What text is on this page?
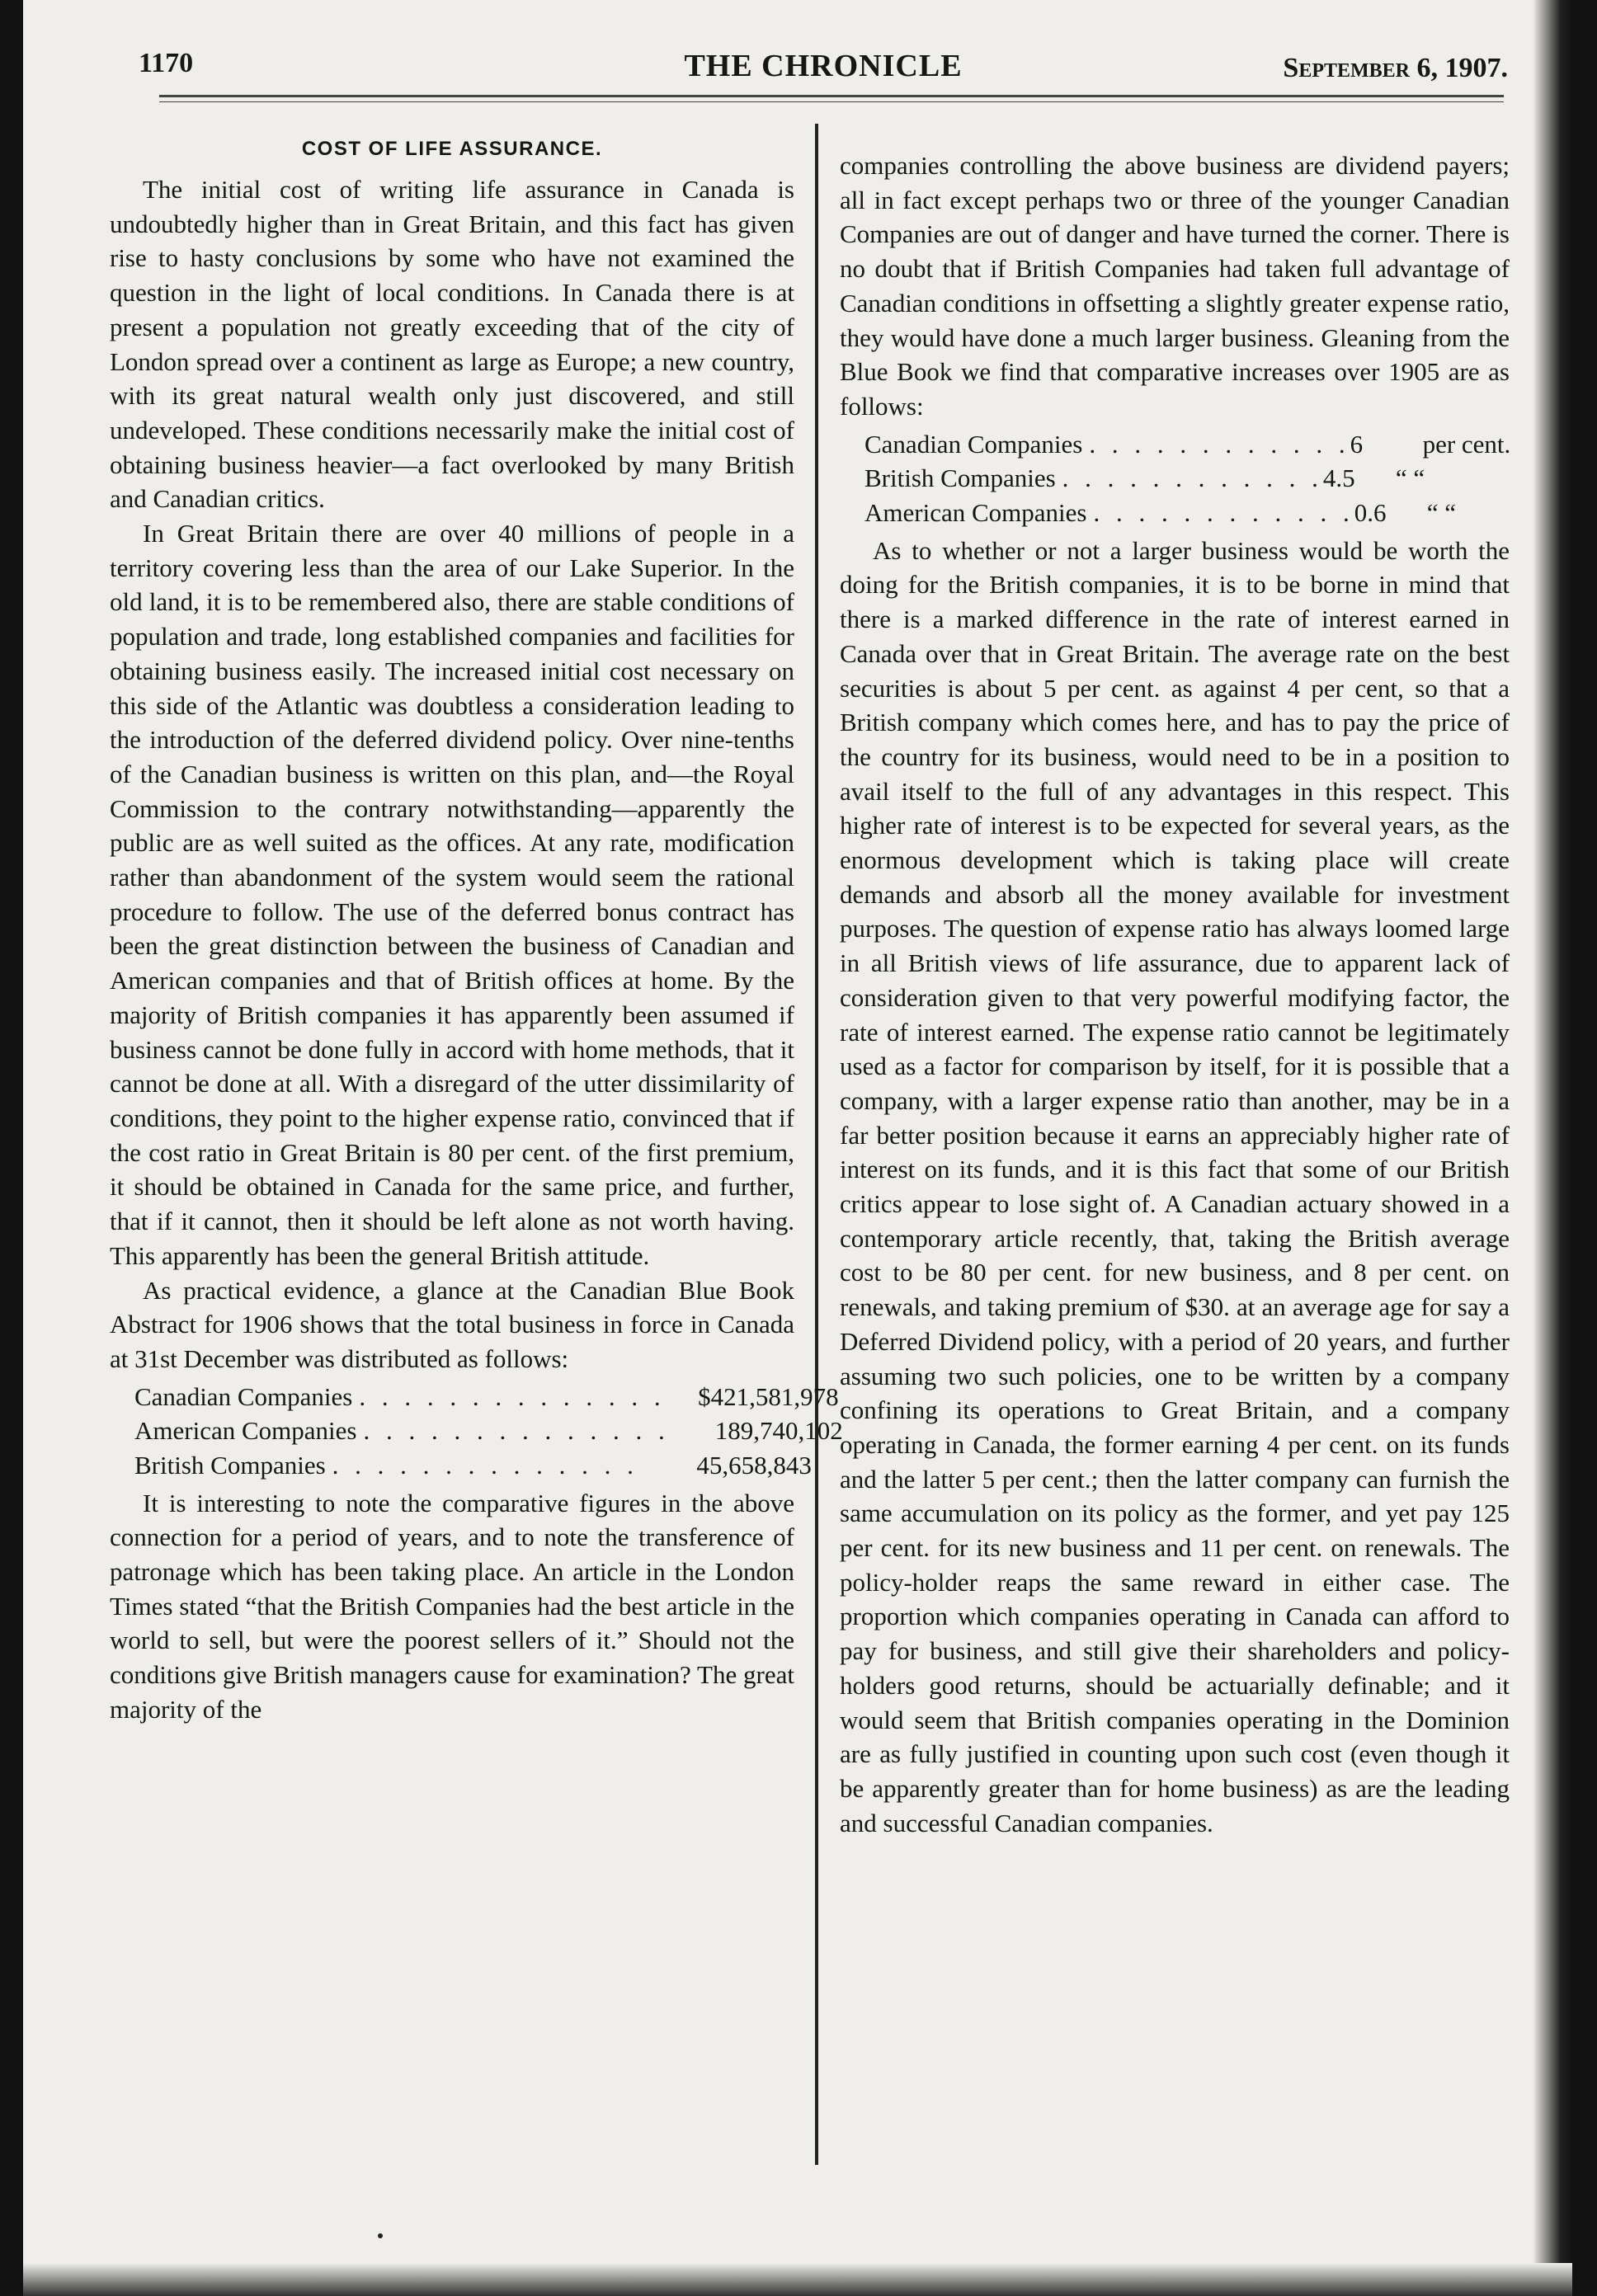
1170	THE CHRONICLE	September 6, 1907.
COST OF LIFE ASSURANCE.

The initial cost of writing life assurance in Canada is undoubtedly higher than in Great Britain, and this fact has given rise to hasty conclusions by some who have not examined the question in the light of local conditions. In Canada there is at present a population not greatly exceeding that of the city of London spread over a continent as large as Europe; a new country, with its great natural wealth only just discovered, and still undeveloped. These conditions necessarily make the initial cost of obtaining business heavier—a fact overlooked by many British and Canadian critics.

In Great Britain there are over 40 millions of people in a territory covering less than the area of our Lake Superior. In the old land, it is to be remembered also, there are stable conditions of population and trade, long established companies and facilities for obtaining business easily. The increased initial cost necessary on this side of the Atlantic was doubtless a consideration leading to the introduction of the deferred dividend policy. Over nine-tenths of the Canadian business is written on this plan, and—the Royal Commission to the contrary notwithstanding—apparently the public are as well suited as the offices. At any rate, modification rather than abandonment of the system would seem the rational procedure to follow. The use of the deferred bonus contract has been the great distinction between the business of Canadian and American companies and that of British offices at home. By the majority of British companies it has apparently been assumed if business cannot be done fully in accord with home methods, that it cannot be done at all. With a disregard of the utter dissimilarity of conditions, they point to the higher expense ratio, convinced that if the cost ratio in Great Britain is 80 per cent. of the first premium, it should be obtained in Canada for the same price, and further, that if it cannot, then it should be left alone as not worth having. This apparently has been the general British attitude.

As practical evidence, a glance at the Canadian Blue Book Abstract for 1906 shows that the total business in force in Canada at 31st December was distributed as follows:

Canadian Companies . . . . . . . . . . . . . .	$421,581,978
American Companies . . . . . . . . . . . . . .	189,740,102
British Companies . . . . . . . . . . . . . .	45,658,843

It is interesting to note the comparative figures in the above connection for a period of years, and to note the transference of patronage which has been taking place. An article in the London Times stated “that the British Companies had the best article in the world to sell, but were the poorest sellers of it.” Should not the conditions give British managers cause for examination? The great majority of the

companies controlling the above business are dividend payers; all in fact except perhaps two or three of the younger Canadian Companies are out of danger and have turned the corner. There is no doubt that if British Companies had taken full advantage of Canadian conditions in offsetting a slightly greater expense ratio, they would have done a much larger business. Gleaning from the Blue Book we find that comparative increases over 1905 are as follows:

Canadian Companies . . . . . . . . . . . . 6	per cent.
British Companies . . . . . . . . . . . . 4.5	“ “
American Companies . . . . . . . . . . . . 0.6	“ “

As to whether or not a larger business would be worth the doing for the British companies, it is to be borne in mind that there is a marked difference in the rate of interest earned in Canada over that in Great Britain. The average rate on the best securities is about 5 per cent. as against 4 per cent, so that a British company which comes here, and has to pay the price of the country for its business, would need to be in a position to avail itself to the full of any advantages in this respect. This higher rate of interest is to be expected for several years, as the enormous development which is taking place will create demands and absorb all the money available for investment purposes. The question of expense ratio has always loomed large in all British views of life assurance, due to apparent lack of consideration given to that very powerful modifying factor, the rate of interest earned. The expense ratio cannot be legitimately used as a factor for comparison by itself, for it is possible that a company, with a larger expense ratio than another, may be in a far better position because it earns an appreciably higher rate of interest on its funds, and it is this fact that some of our British critics appear to lose sight of. A Canadian actuary showed in a contemporary article recently, that, taking the British average cost to be 80 per cent. for new business, and 8 per cent. on renewals, and taking premium of $30. at an average age for say a Deferred Dividend policy, with a period of 20 years, and further assuming two such policies, one to be written by a company confining its operations to Great Britain, and a company operating in Canada, the former earning 4 per cent. on its funds and the latter 5 per cent.; then the latter company can furnish the same accumulation on its policy as the former, and yet pay 125 per cent. for its new business and 11 per cent. on renewals. The policy-holder reaps the same reward in either case. The proportion which companies operating in Canada can afford to pay for business, and still give their shareholders and policy-holders good returns, should be actuarially definable; and it would seem that British companies operating in the Dominion are as fully justified in counting upon such cost (even though it be apparently greater than for home business) as are the leading and successful Canadian companies.
